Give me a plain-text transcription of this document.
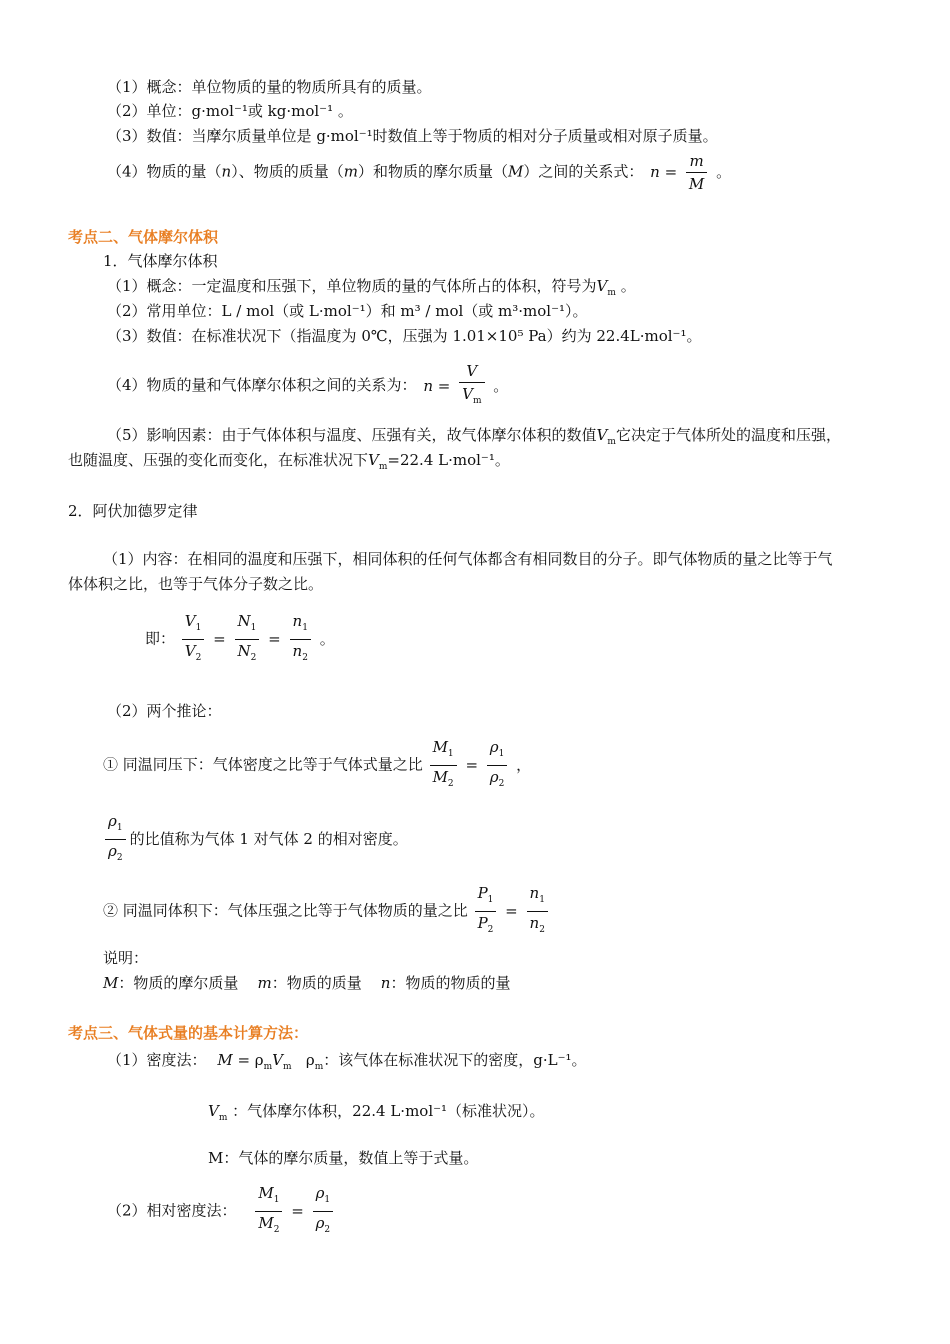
（1）概念：单位物质的量的物质所具有的质量。
（2）单位：g·mol⁻¹或 kg·mol⁻¹ 。
（3）数值：当摩尔质量单位是 g·mol⁻¹时数值上等于物质的相对分子质量或相对原子质量。
（4）物质的量（n）、物质的质量（m）和物质的摩尔质量（M）之间的关系式： $n = \frac{m}{M}$ 。
考点二、气体摩尔体积
1．气体摩尔体积
（1）概念：一定温度和压强下，单位物质的量的气体所占的体积，符号为$V_m$ 。
（2）常用单位：L / mol（或 L·mol⁻¹）和 m³ / mol（或 m³·mol⁻¹）。
（3）数值：在标准状况下（指温度为 0℃，压强为 1.01×10⁵ Pa）约为 22.4L·mol⁻¹。
（4）物质的量和气体摩尔体积之间的关系为： $n = \frac{V}{V_m}$ 。
（5）影响因素：由于气体体积与温度、压强有关，故气体摩尔体积的数值$V_m$它决定于气体所处的温度和压强，
也随温度、压强的变化而变化，在标准状况下$V_m=22.4$ L·mol⁻¹。
2．阿伏加德罗定律
（1）内容：在相同的温度和压强下，相同体积的任何气体都含有相同数目的分子。即气体物质的量之比等于气
体体积之比，也等于气体分子数之比。
即： $\frac{V_1}{V_2} = \frac{N_1}{N_2} = \frac{n_1}{n_2}$ 。
（2）两个推论：
① 同温同压下：气体密度之比等于气体式量之比 $\frac{M_1}{M_2} = \frac{\rho_1}{\rho_2}$ ，
$\frac{\rho_1}{\rho_2}$ 的比值称为气体 1 对气体 2 的相对密度。
② 同温同体积下：气体压强之比等于气体物质的量之比 $\frac{P_1}{P_2} = \frac{n_1}{n_2}$
说明：
M：物质的摩尔质量 m：物质的质量 n：物质的物质的量
考点三、气体式量的基本计算方法：
（1）密度法： $M = \rho_mV_m$   $\rho_m$：该气体在标准状况下的密度，g·L⁻¹。
$V_m$ ：气体摩尔体积，22.4 L·mol⁻¹（标准状况）。
M：气体的摩尔质量，数值上等于式量。
（2）相对密度法： $\frac{M_1}{M_2} = \frac{\rho_1}{\rho_2}$
